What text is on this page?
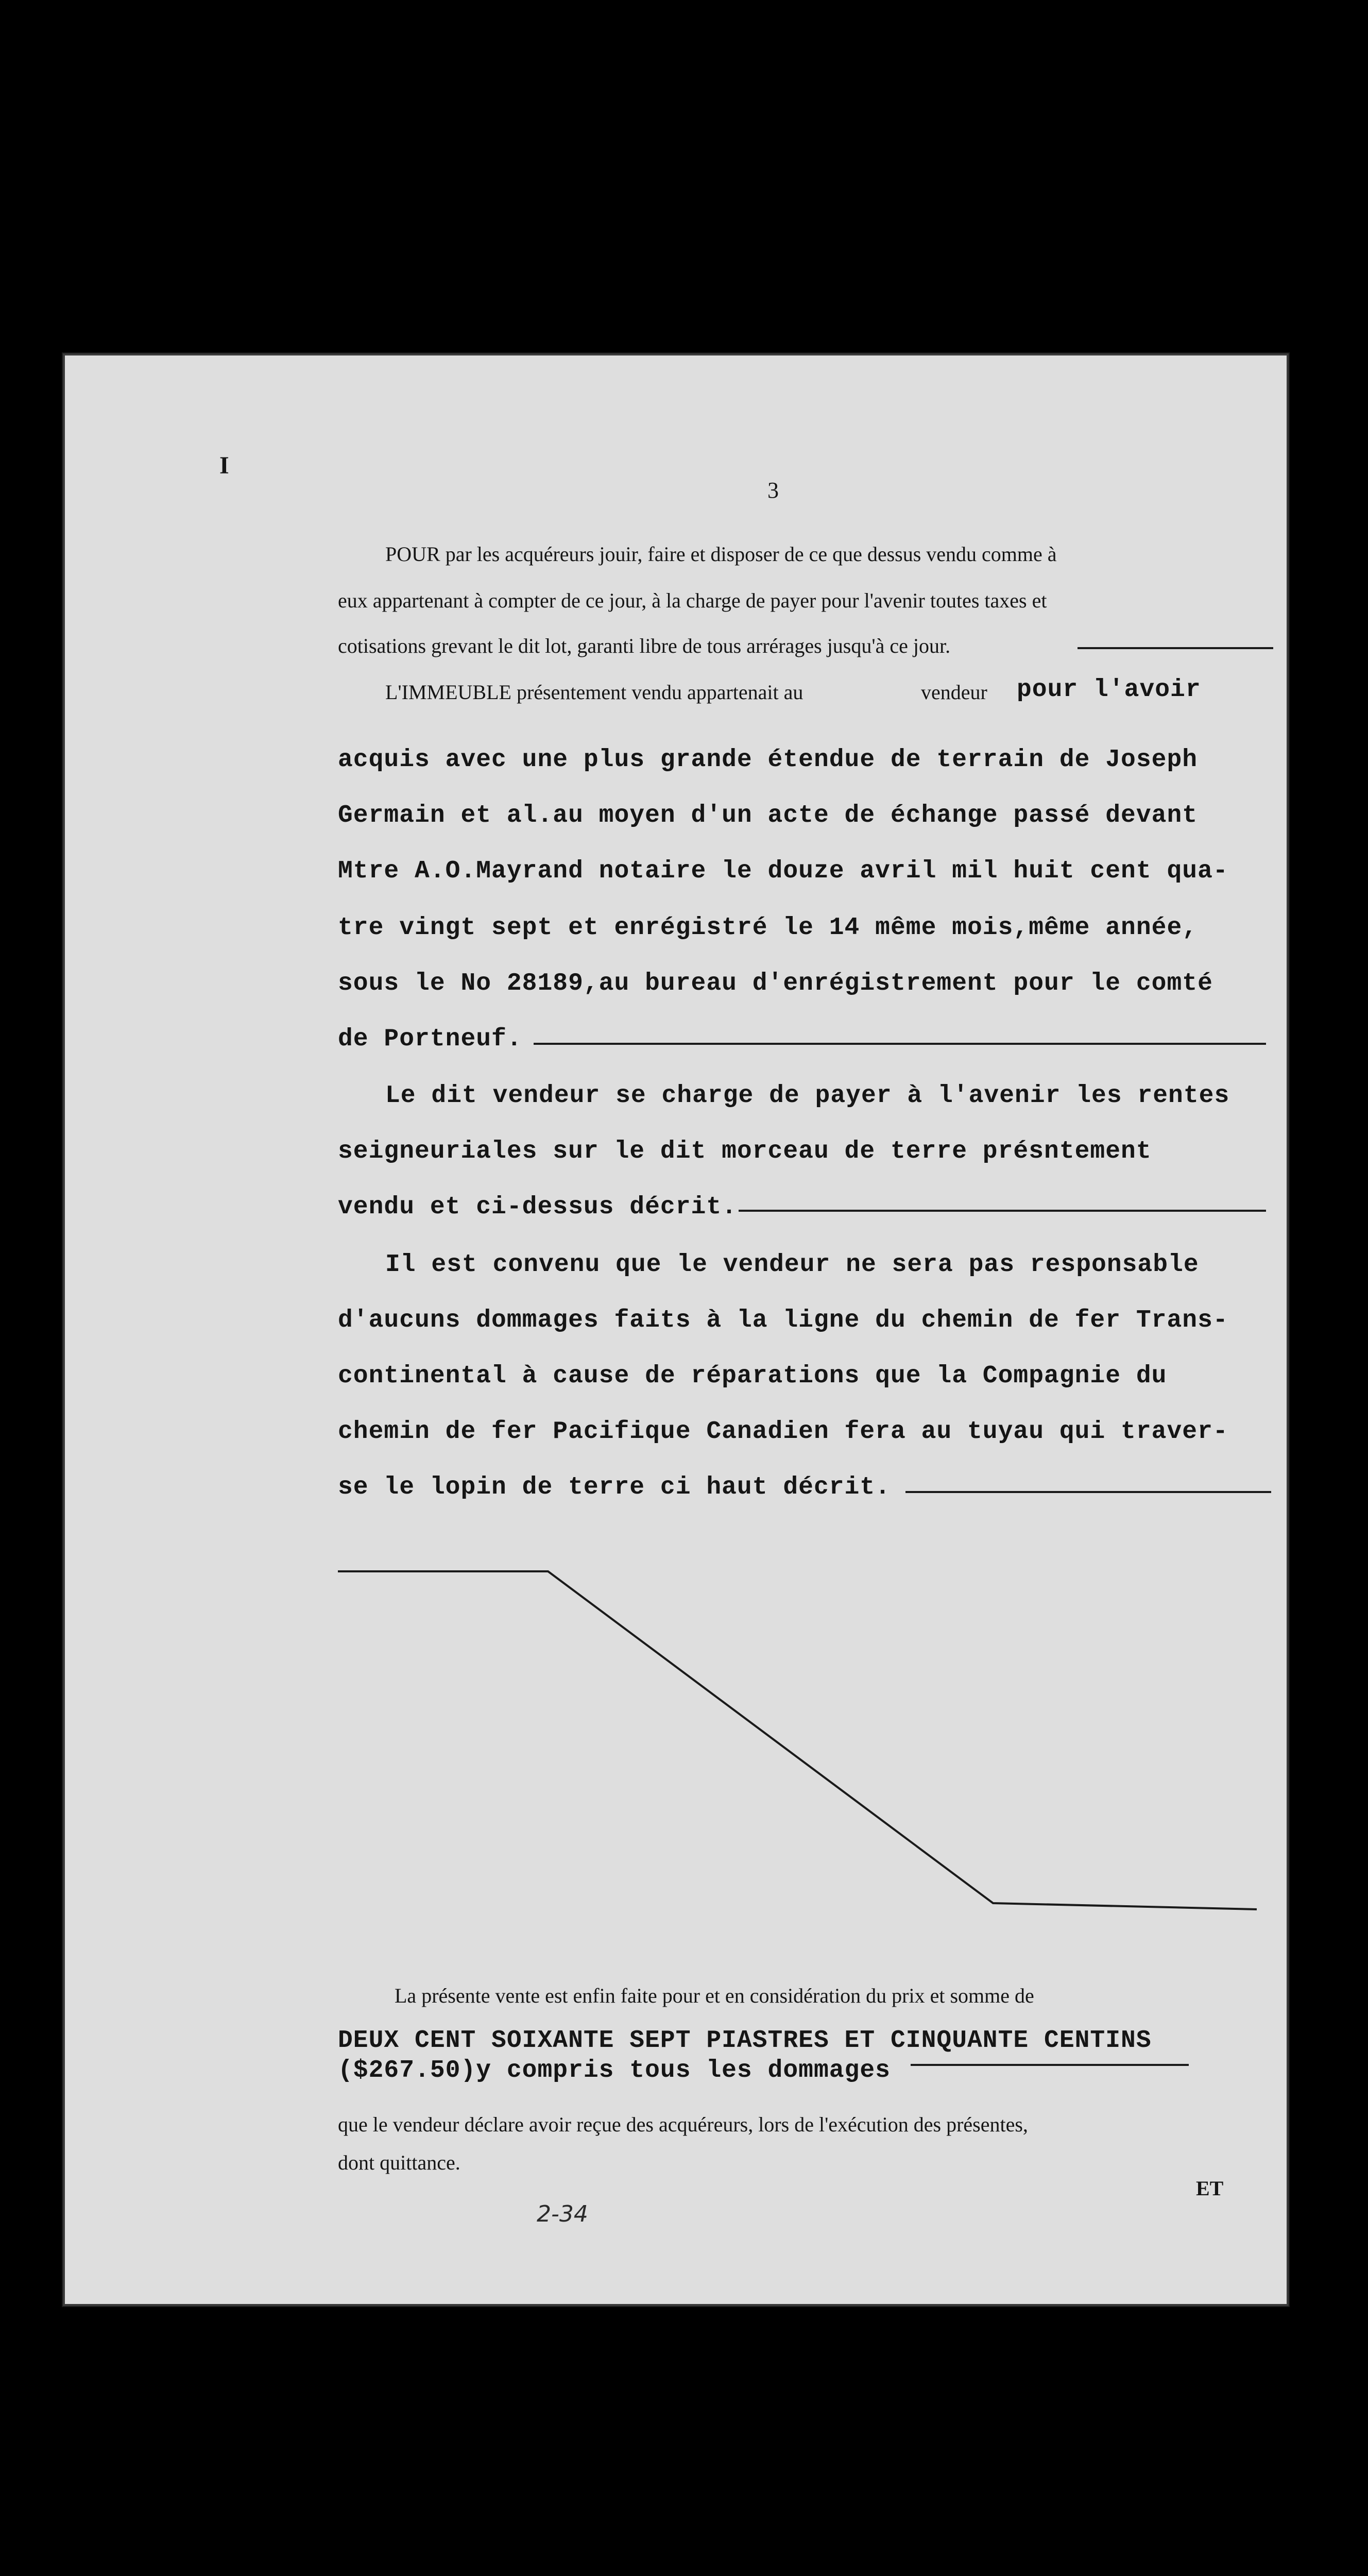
I
3
POUR par les acquéreurs jouir, faire et disposer de ce que dessus vendu comme à
eux appartenant à compter de ce jour, à la charge de payer pour l'avenir toutes taxes et
cotisations grevant le dit lot, garanti libre de tous arrérages jusqu'à ce jour.
L'IMMEUBLE présentement vendu appartenait au	vendeur pour l'avoir
acquis avec une plus grande étendue de terrain de Joseph
Germain et al.au moyen d'un acte de échange passé devant
Mtre A.O.Mayrand notaire le douze avril mil huit cent qua-
tre vingt sept et enrégistré le 14 même mois,même année,
sous le No 28189,au bureau d'enrégistrement pour le comté
de Portneuf.
Le dit vendeur se charge de payer à l'avenir les rentes
seigneuriales sur le dit morceau de terre présntement
vendu et ci-dessus décrit.
Il est convenu que le vendeur ne sera pas responsable
d'aucuns dommages faits à la ligne du chemin de fer Trans-
continental à cause de réparations que la Compagnie du
chemin de fer Pacifique Canadien fera au tuyau qui traver-
se le lopin de terre ci haut décrit.
La présente vente est enfin faite pour et en considération du prix et somme de
DEUX CENT SOIXANTE SEPT PIASTRES ET CINQUANTE CENTINS
($267.50)y compris tous les dommages
que le vendeur déclare avoir reçue des acquéreurs, lors de l'exécution des présentes,
dont quittance.
ET
2-34
